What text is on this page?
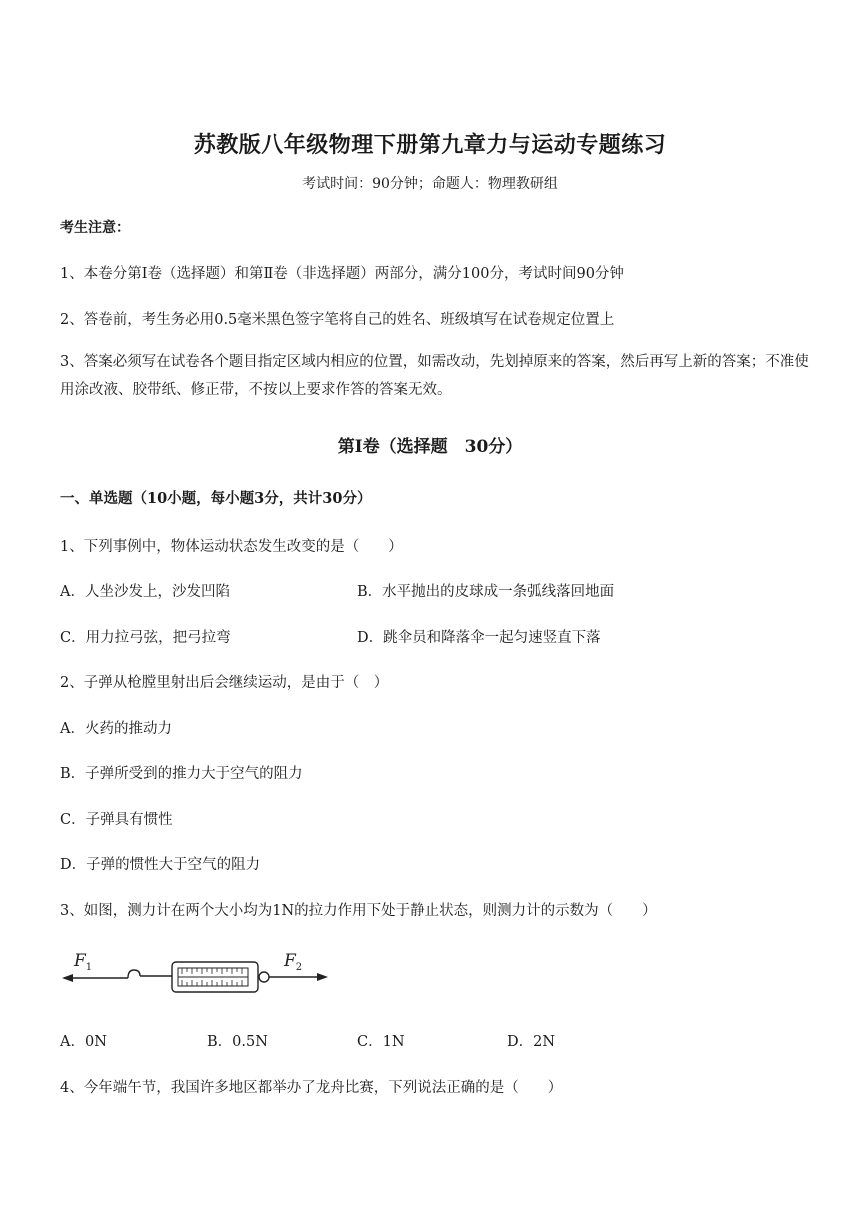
苏教版八年级物理下册第九章力与运动专题练习
考试时间：90分钟；命题人：物理教研组
考生注意：
1、本卷分第Ⅰ卷（选择题）和第Ⅱ卷（非选择题）两部分，满分100分，考试时间90分钟
2、答卷前，考生务必用0.5毫米黑色签字笔将自己的姓名、班级填写在试卷规定位置上
3、答案必须写在试卷各个题目指定区域内相应的位置，如需改动，先划掉原来的答案，然后再写上新的答案；不准使用涂改液、胶带纸、修正带，不按以上要求作答的答案无效。
第Ⅰ卷（选择题　30分）
一、单选题（10小题，每小题3分，共计30分）
1、下列事例中，物体运动状态发生改变的是（　　）
A．人坐沙发上，沙发凹陷	B．水平抛出的皮球成一条弧线落回地面
C．用力拉弓弦，把弓拉弯	D．跳伞员和降落伞一起匀速竖直下落
2、子弹从枪膛里射出后会继续运动，是由于（　）
A．火药的推动力
B．子弹所受到的推力大于空气的阻力
C．子弹具有惯性
D．子弹的惯性大于空气的阻力
3、如图，测力计在两个大小均为1N的拉力作用下处于静止状态，则测力计的示数为（　　）
$F_1$	$F_2$
A．0N	B．0.5N	C．1N	D．2N
4、今年端午节，我国许多地区都举办了龙舟比赛，下列说法正确的是（　　）
